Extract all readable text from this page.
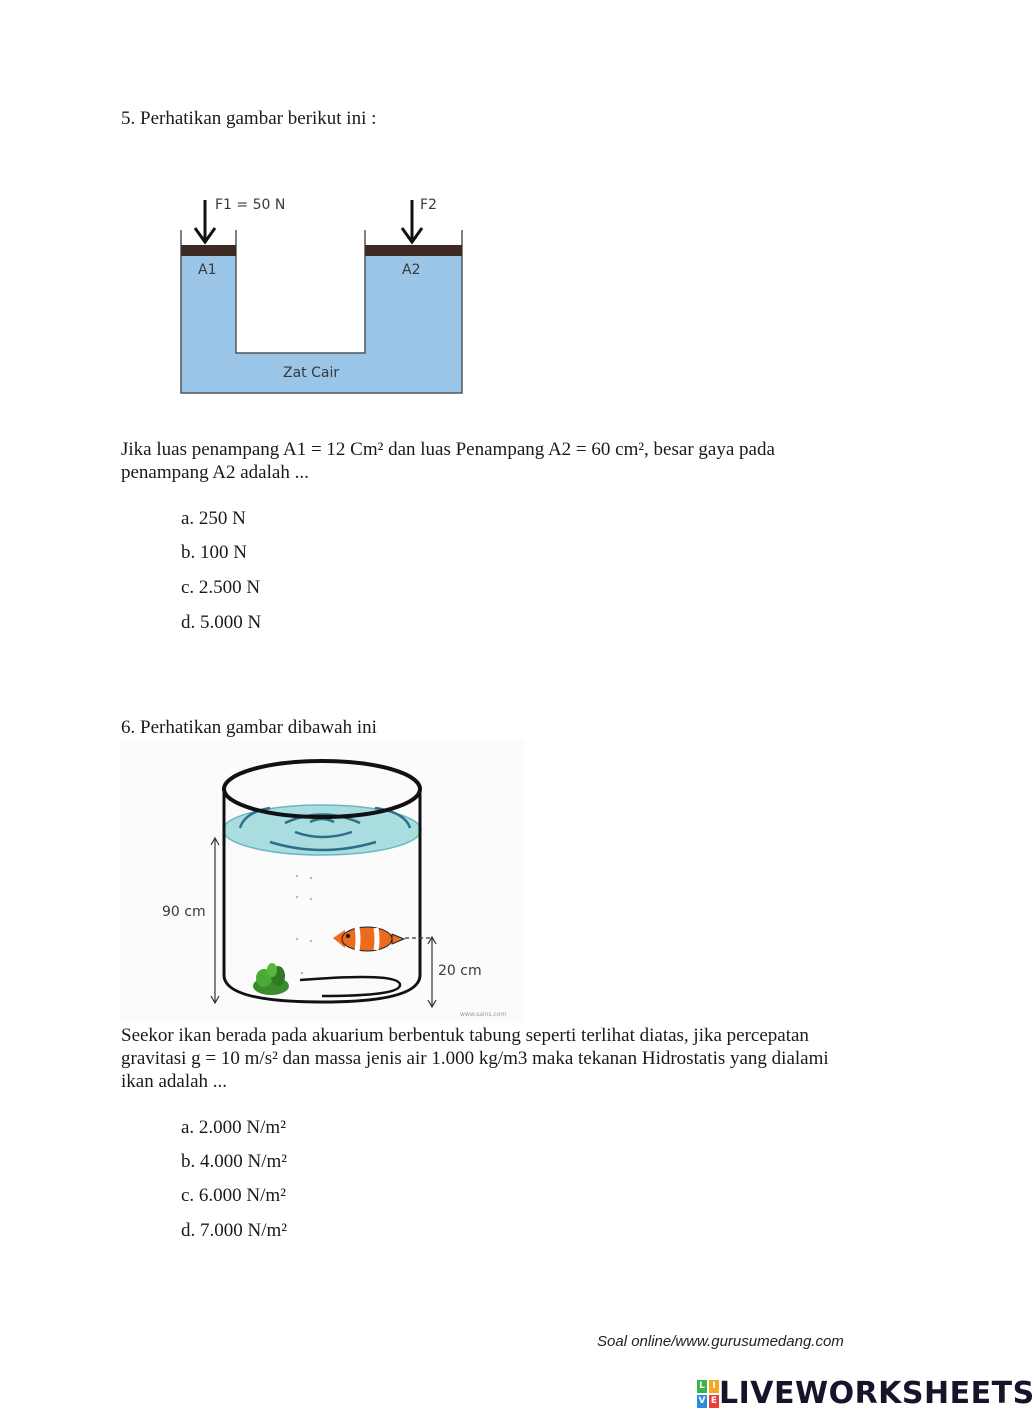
5. Perhatikan gambar berikut ini :
F1 = 50 N	F2
A1	A2
Zat Cair
Jika luas penampang A1 = 12 Cm² dan luas Penampang A2 = 60 cm², besar gaya pada
penampang A2 adalah ...
a. 250 N
b. 100 N
c. 2.500 N
d. 5.000 N
6. Perhatikan gambar dibawah ini
90 cm
20 cm
www.sains.com
Seekor ikan berada pada akuarium berbentuk tabung seperti terlihat diatas, jika percepatan
gravitasi g = 10 m/s² dan massa jenis air 1.000 kg/m3 maka tekanan Hidrostatis yang dialami
ikan adalah ...
a. 2.000 N/m²
b. 4.000 N/m²
c. 6.000 N/m²
d. 7.000 N/m²
Soal online/www.gurusumedang.com
L I
V E LIVEWORKSHEETS
